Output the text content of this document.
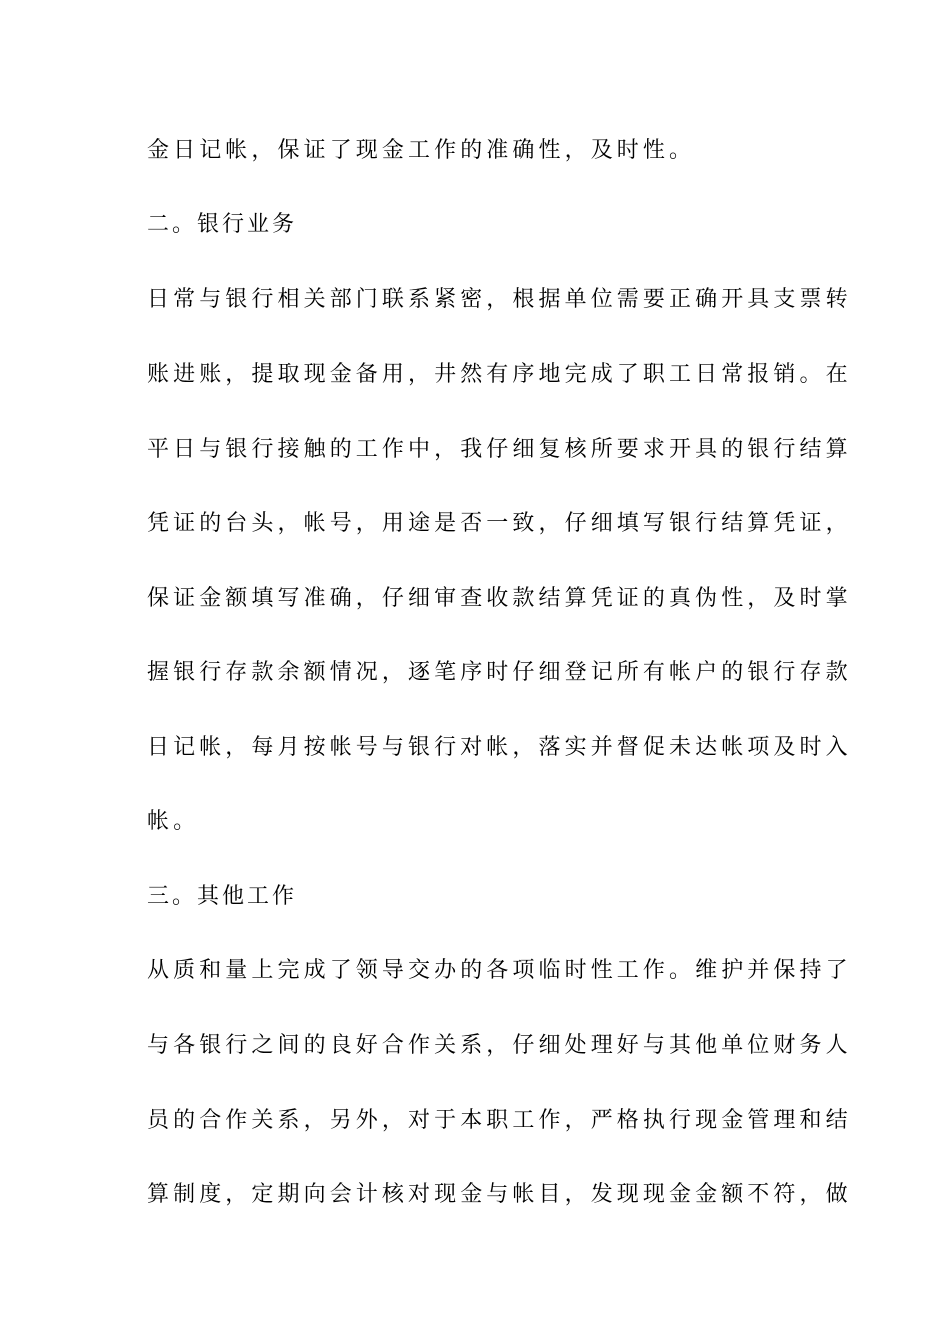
金日记帐，保证了现金工作的准确性，及时性。

二。银行业务

日常与银行相关部门联系紧密，根据单位需要正确开具支票转

账进账，提取现金备用，井然有序地完成了职工日常报销。在

平日与银行接触的工作中，我仔细复核所要求开具的银行结算

凭证的台头，帐号，用途是否一致，仔细填写银行结算凭证，

保证金额填写准确，仔细审查收款结算凭证的真伪性，及时掌

握银行存款余额情况，逐笔序时仔细登记所有帐户的银行存款

日记帐，每月按帐号与银行对帐，落实并督促未达帐项及时入

帐。

三。其他工作

从质和量上完成了领导交办的各项临时性工作。维护并保持了

与各银行之间的良好合作关系，仔细处理好与其他单位财务人

员的合作关系，另外，对于本职工作，严格执行现金管理和结

算制度，定期向会计核对现金与帐目，发现现金金额不符，做
